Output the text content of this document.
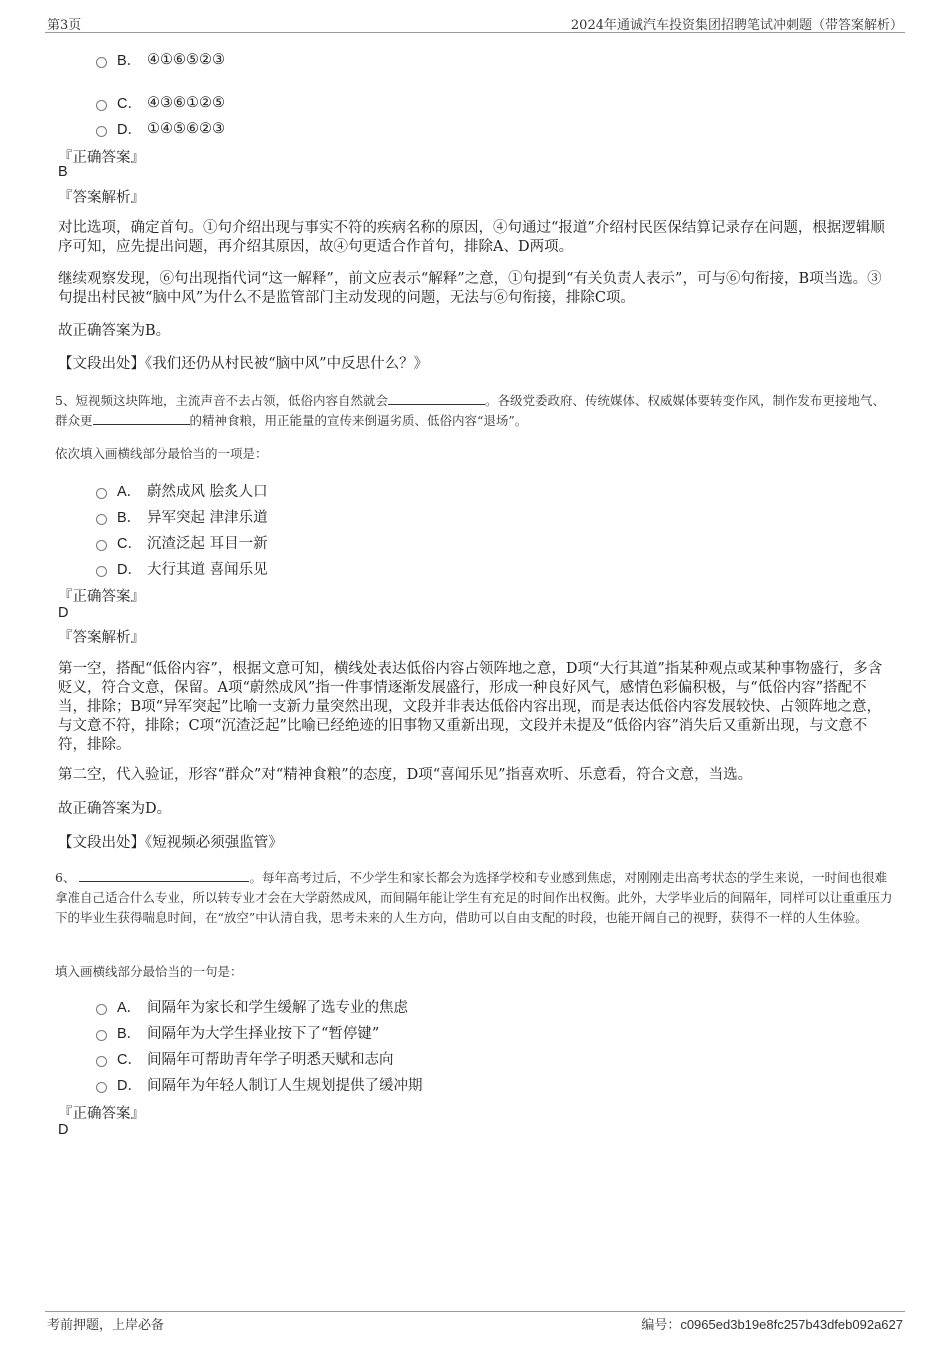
第3页	2024年通诚汽车投资集团招聘笔试冲刺题（带答案解析）
B． ④①⑥⑤②③
C． ④③⑥①②⑤
D． ①④⑤⑥②③
『正确答案』
B
『答案解析』
对比选项，确定首句。①句介绍出现与事实不符的疾病名称的原因，④句通过“报道”介绍村民医保结算记录存在问题，根据逻辑顺序可知，应先提出问题，再介绍其原因，故④句更适合作首句，排除A、D两项。
继续观察发现，⑥句出现指代词“这一解释”，前文应表示“解释”之意，①句提到“有关负责人表示”，可与⑥句衔接，B项当选。③句提出村民被“脑中风”为什么不是监管部门主动发现的问题，无法与⑥句衔接，排除C项。
故正确答案为B。
【文段出处】《我们还仍从村民被“脑中风”中反思什么？》
5、短视频这块阵地，主流声音不去占领，低俗内容自然就会	。各级党委政府、传统媒体、权威媒体要转变作风，制作发布更接地气、群众更	的精神食粮，用正能量的宣传来倒逼劣质、低俗内容“退场”。
依次填入画横线部分最恰当的一项是：
A． 蔚然成风 脍炙人口
B． 异军突起 津津乐道
C． 沉渣泛起 耳目一新
D． 大行其道 喜闻乐见
『正确答案』
D
『答案解析』
第一空，搭配“低俗内容”，根据文意可知，横线处表达低俗内容占领阵地之意，D项“大行其道”指某种观点或某种事物盛行，多含贬义，符合文意，保留。A项“蔚然成风”指一件事情逐渐发展盛行，形成一种良好风气，感情色彩偏积极，与“低俗内容”搭配不当，排除；B项“异军突起”比喻一支新力量突然出现，文段并非表达低俗内容出现，而是表达低俗内容发展较快、占领阵地之意，与文意不符，排除；C项“沉渣泛起”比喻已经绝迹的旧事物又重新出现，文段并未提及“低俗内容”消失后又重新出现，与文意不符，排除。
第二空，代入验证，形容“群众”对“精神食粮”的态度，D项“喜闻乐见”指喜欢听、乐意看，符合文意，当选。
故正确答案为D。
【文段出处】《短视频必须强监管》
6、	。每年高考过后，不少学生和家长都会为选择学校和专业感到焦虑，对刚刚走出高考状态的学生来说，一时间也很难拿准自己适合什么专业，所以转专业才会在大学蔚然成风，而间隔年能让学生有充足的时间作出权衡。此外，大学毕业后的间隔年，同样可以让重重压力下的毕业生获得喘息时间，在“放空”中认清自我，思考未来的人生方向，借助可以自由支配的时段，也能开阔自己的视野，获得不一样的人生体验。
填入画横线部分最恰当的一句是：
A． 间隔年为家长和学生缓解了选专业的焦虑
B． 间隔年为大学生择业按下了“暂停键”
C． 间隔年可帮助青年学子明悉天赋和志向
D． 间隔年为年轻人制订人生规划提供了缓冲期
『正确答案』
D
考前押题，上岸必备	编号：c0965ed3b19e8fc257b43dfeb092a627
